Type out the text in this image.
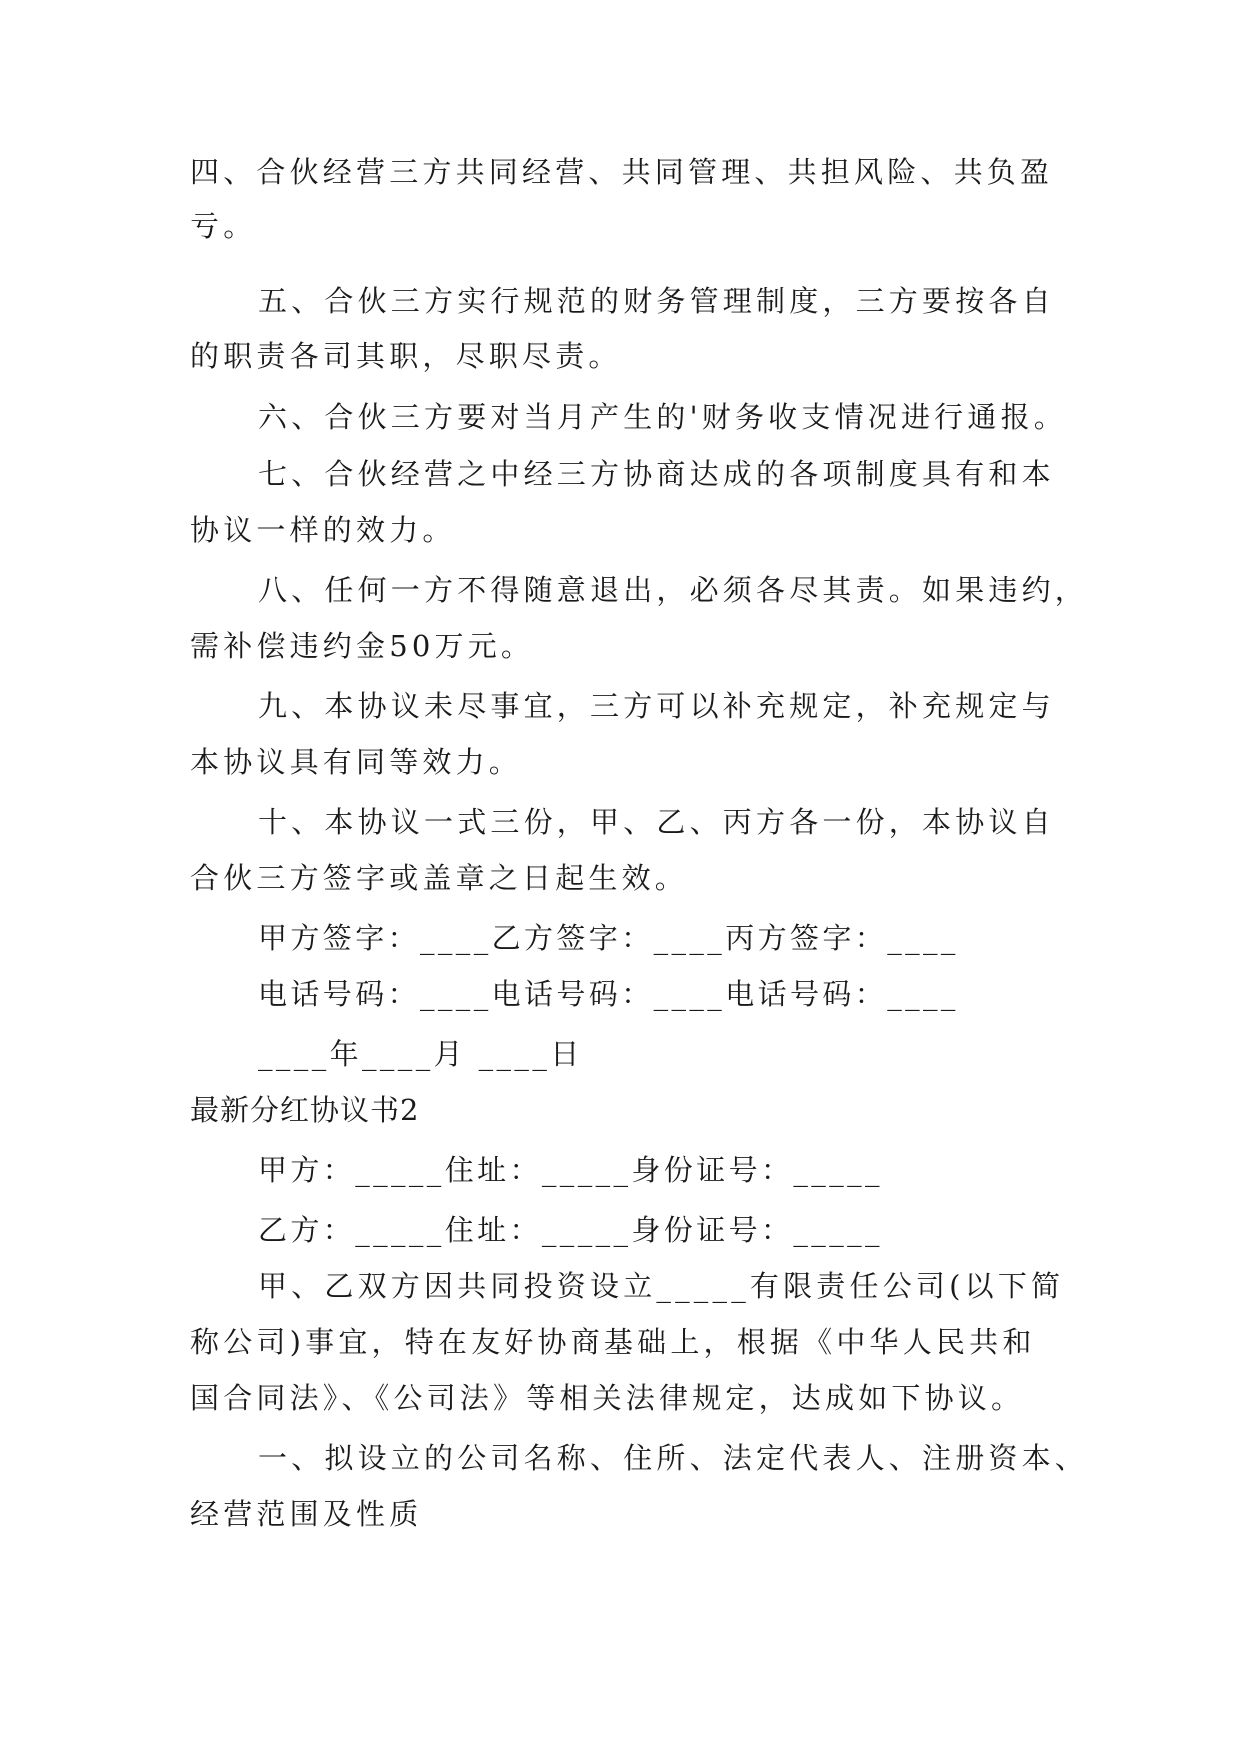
四、合伙经营三方共同经营、共同管理、共担风险、共负盈
亏。
五、合伙三方实行规范的财务管理制度，三方要按各自
的职责各司其职，尽职尽责。
六、合伙三方要对当月产生的'财务收支情况进行通报。
七、合伙经营之中经三方协商达成的各项制度具有和本
协议一样的效力。
八、任何一方不得随意退出，必须各尽其责。如果违约，
需补偿违约金50万元。
九、本协议未尽事宜，三方可以补充规定，补充规定与
本协议具有同等效力。
十、本协议一式三份，甲、乙、丙方各一份，本协议自
合伙三方签字或盖章之日起生效。
甲方签字：____乙方签字：____丙方签字：____
电话号码：____电话号码：____电话号码：____
____年____月 ____日
最新分红协议书2
甲方：_____住址：_____身份证号：_____
乙方：_____住址：_____身份证号：_____
甲、乙双方因共同投资设立_____有限责任公司(以下简
称公司)事宜，特在友好协商基础上，根据《中华人民共和
国合同法》、《公司法》等相关法律规定，达成如下协议。
一、拟设立的公司名称、住所、法定代表人、注册资本、
经营范围及性质
